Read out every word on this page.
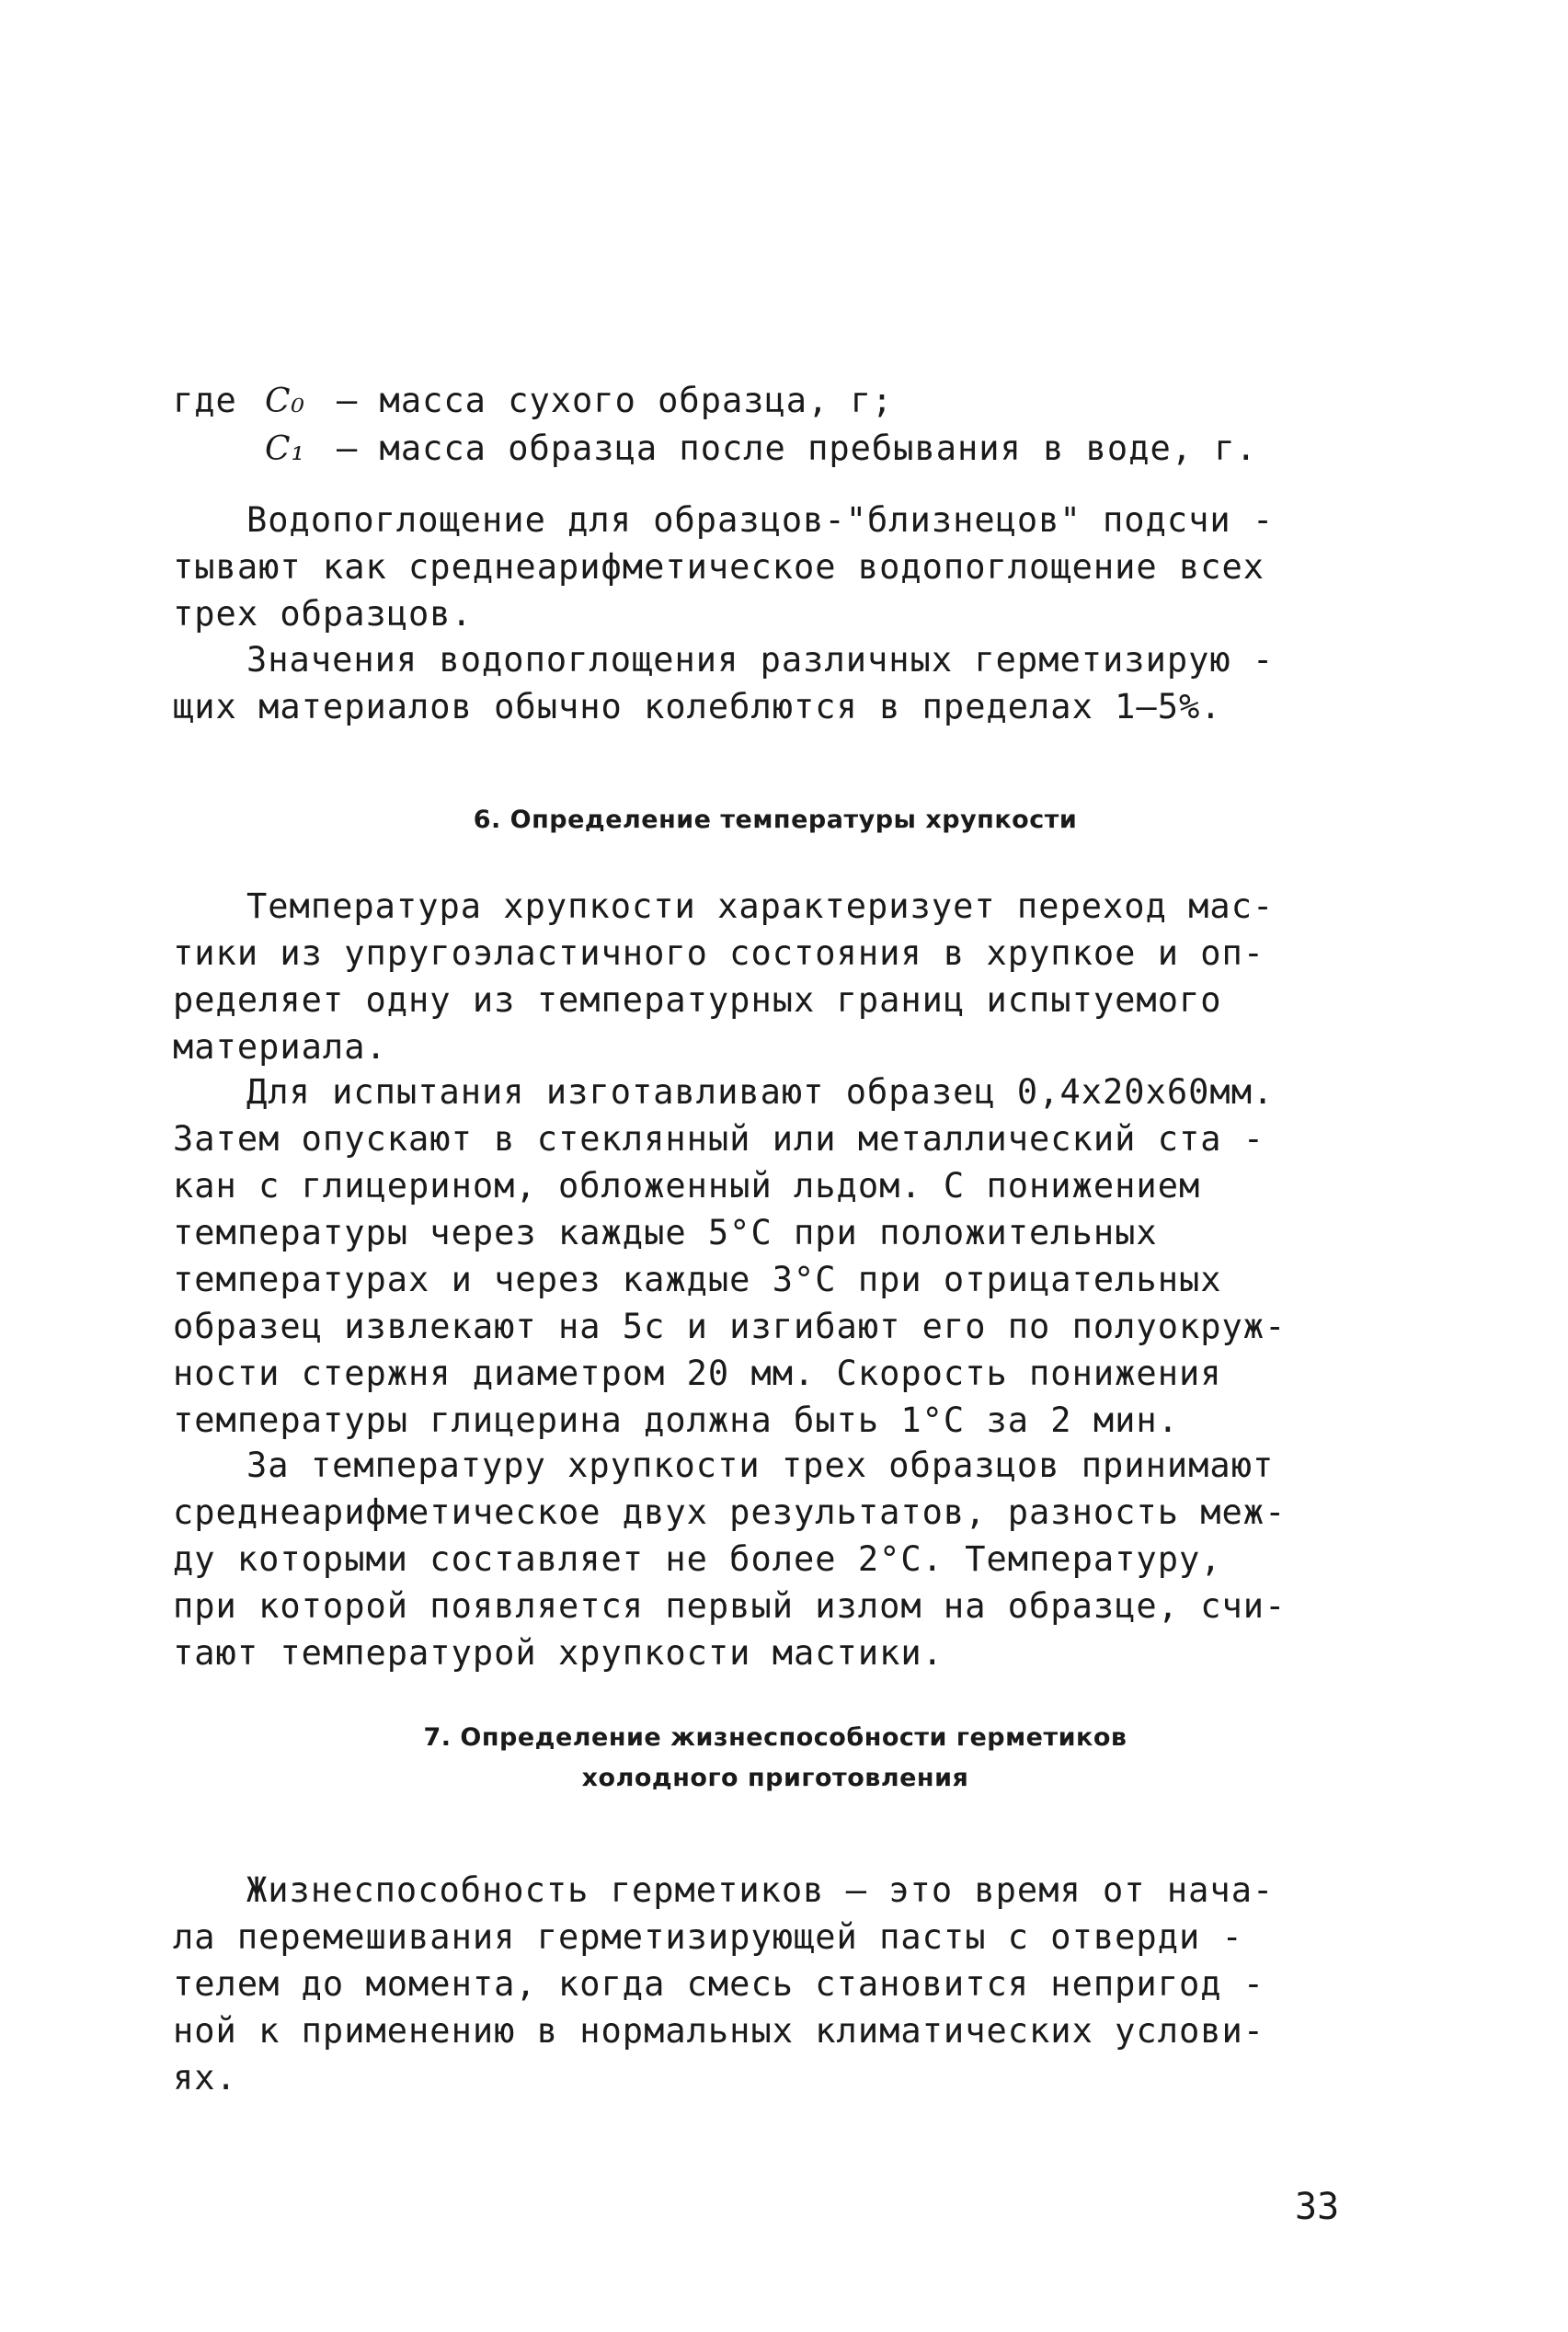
где C₀ – масса сухого образца, г;
C₁ – масса образца после пребывания в воде, г.
Водопоглощение для образцов-"близнецов" подсчи -
тывают как среднеарифметическое водопоглощение всех
трех образцов.
Значения водопоглощения различных герметизирую -
щих материалов обычно колеблются в пределах 1–5%.
6. Определение температуры хрупкости
Температура хрупкости характеризует переход мас-
тики из упругоэластичного состояния в хрупкое и оп-
ределяет одну из температурных границ испытуемого
материала.
Для испытания изготавливают образец 0,4х20х60мм.
Затем опускают в стеклянный или металлический ста -
кан с глицерином, обложенный льдом. С понижением
температуры через каждые 5°С при положительных
температурах и через каждые 3°С при отрицательных
образец извлекают на 5с и изгибают его по полуокруж-
ности стержня диаметром 20 мм. Скорость понижения
температуры глицерина должна быть 1°С за 2 мин.
За температуру хрупкости трех образцов принимают
среднеарифметическое двух результатов, разность меж-
ду которыми составляет не более 2°С. Температуру,
при которой появляется первый излом на образце, счи-
тают температурой хрупкости мастики.
7. Определение жизнеспособности герметиков
холодного приготовления
Жизнеспособность герметиков – это время от нача-
ла перемешивания герметизирующей пасты с отверди -
телем до момента, когда смесь становится непригод -
ной к применению в нормальных климатических услови-
ях.
33
